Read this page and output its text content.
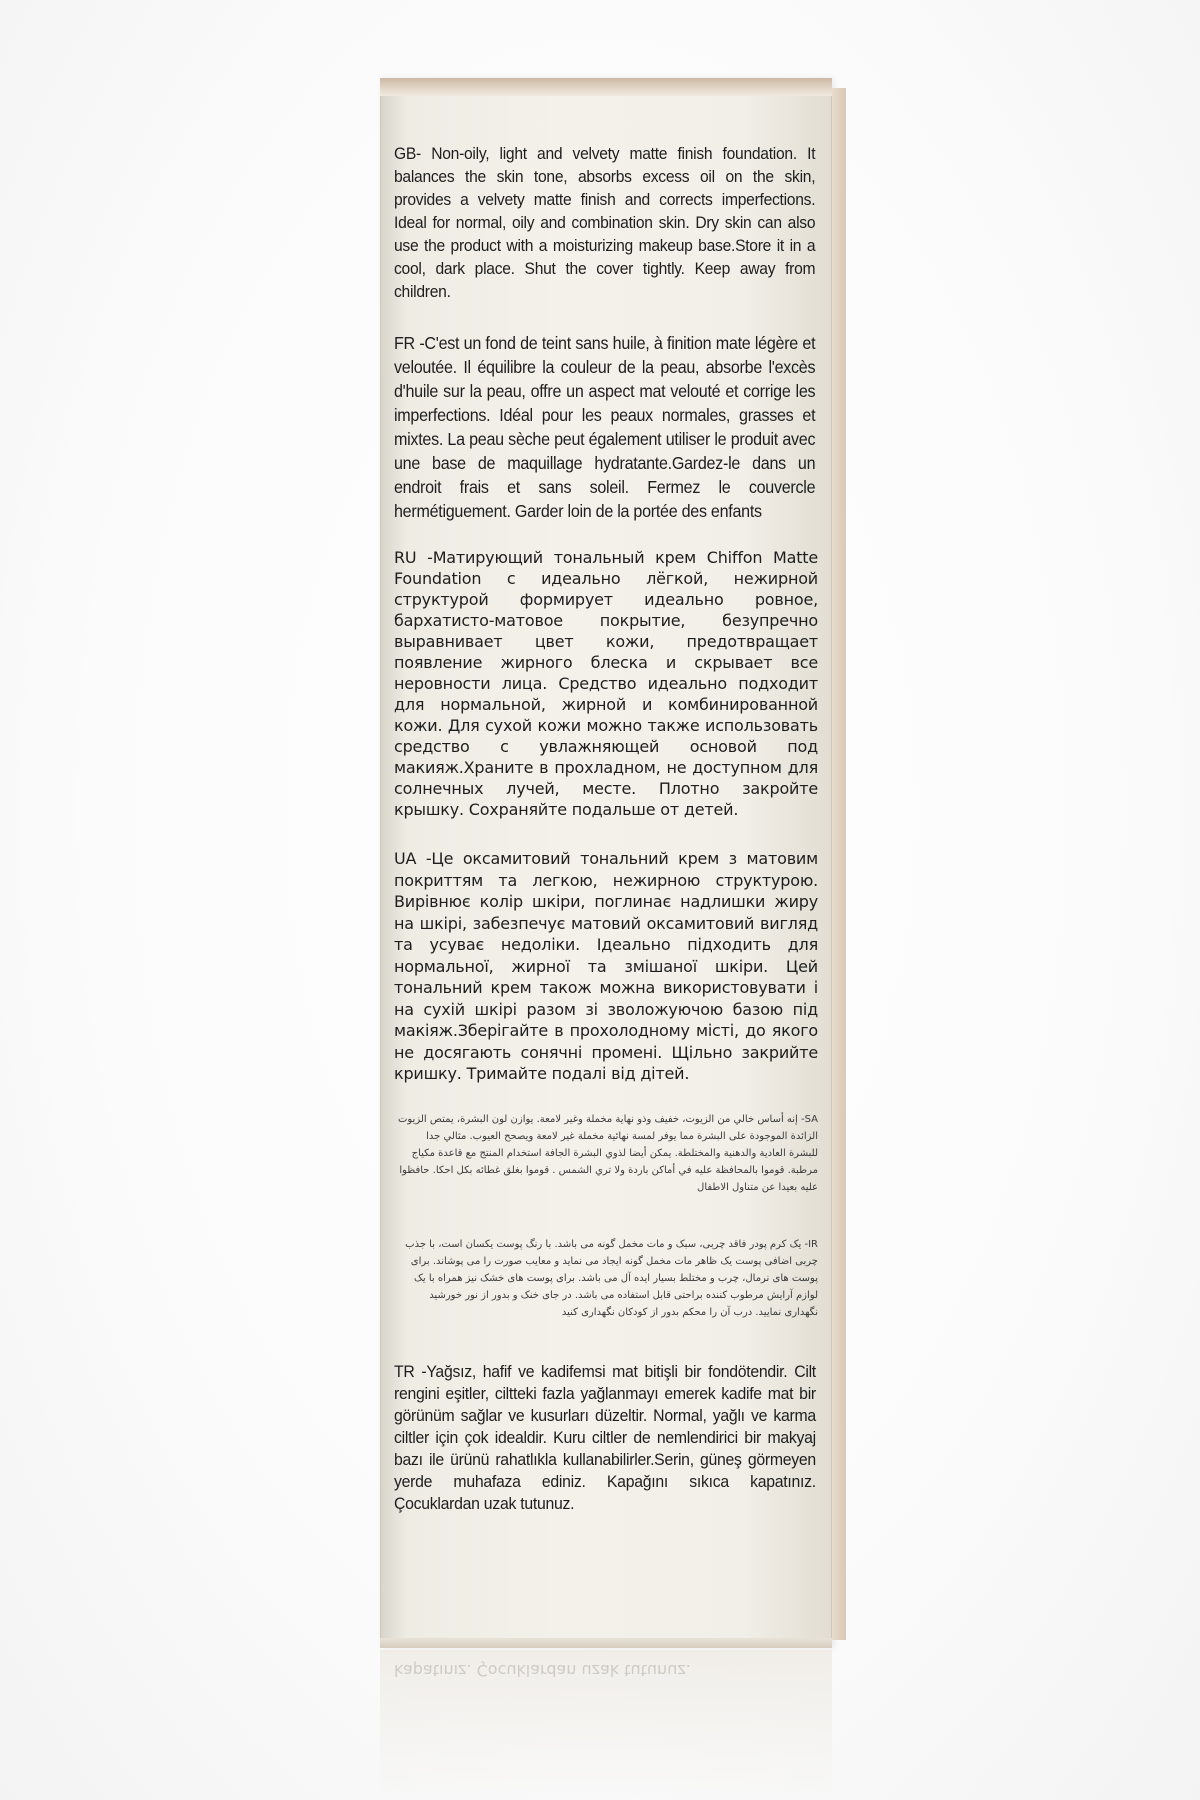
GB- Non-oily, light and velvety matte finish foundation. It balances the skin tone, absorbs excess oil on the skin, provides a velvety matte finish and corrects imperfections. Ideal for normal, oily and combination skin. Dry skin can also use the product with a moisturizing makeup base.Store it in a cool, dark place. Shut the cover tightly. Keep away from children.

FR -C'est un fond de teint sans huile, à finition mate légère et veloutée. Il équilibre la couleur de la peau, absorbe l'excès d'huile sur la peau, offre un aspect mat velouté et corrige les imperfections. Idéal pour les peaux normales, grasses et mixtes. La peau sèche peut également utiliser le produit avec une base de maquillage hydratante.Gardez-le dans un endroit frais et sans soleil. Fermez le couvercle hermétiguement. Garder loin de la portée des enfants

RU -Матирующий тональный крем Chiffon Matte Foundation с идеально лёгкой, нежирной структурой формирует идеально ровное, бархатисто-матовое покрытие, безупречно выравнивает цвет кожи, предотвращает появление жирного блеска и скрывает все неровности лица. Средство идеально подходит для нормальной, жирной и комбинированной кожи. Для сухой кожи можно также использовать средство с увлажняющей основой под макияж.Храните в прохладном, не доступном для солнечных лучей, месте. Плотно закройте крышку. Сохраняйте подальше от детей.

UA -Це оксамитовий тональний крем з матовим покриттям та легкою, нежирною структурою. Вирівнює колір шкіри, поглинає надлишки жиру на шкірі, забезпечує матовий оксамитовий вигляд та усуває недоліки. Ідеально підходить для нормальної, жирної та змішаної шкіри. Цей тональний крем також можна використовувати і на сухій шкірі разом зі зволожуючою базою під макіяж.Зберігайте в прохолодному місті, до якого не досягають сонячні промені. Щільно закрийте кришку. Тримайте подалі від дітей.

SA- إنه أساس خالي من الزيوت، خفيف وذو نهاية مخملة وغير لامعة. يوازن لون البشرة، يمتص الزيوت الزائدة الموجودة على البشرة مما يوفر لمسة نهائية مخملة غير لامعة ويصحح العيوب. مثالي جدا للبشرة العادية والدهنية والمختلطة. يمكن أيضا لذوي البشرة الجافة استخدام المنتج مع قاعدة مكياج مرطبة. قوموا بالمحافظة عليه في أماكن باردة ولا تري الشمس . قوموا بغلق غطائه بكل احكا. حافظوا عليه بعيدا عن متناول الاطفال

IR- یک کرم پودر فاقد چربی، سبک و مات مخمل گونه می باشد. با رنگ پوست یکسان است، با جذب چربی اضافی پوست یک ظاهر مات مخمل گونه ایجاد می نماید و معایب صورت را می پوشاند. برای پوست های نرمال، چرب و مختلط بسیار ایده آل می باشد. برای پوست های خشک نیز همراه با یک لوازم آرایش مرطوب کننده براحتی قابل استفاده می باشد. در جای خنک و بدور از نور خورشید نگهداری نمایید. درب آن را محکم بدور از کودکان نگهداری کنید

TR -Yağsız, hafif ve kadifemsi mat bitişli bir fondötendir. Cilt rengini eşitler, ciltteki fazla yağlanmayı emerek kadife mat bir görünüm sağlar ve kusurları düzeltir. Normal, yağlı ve karma ciltler için çok idealdir. Kuru ciltler de nemlendirici bir makyaj bazı ile ürünü rahatlıkla kullanabilirler.Serin, güneş görmeyen yerde muhafaza ediniz. Kapağını sıkıca kapatınız. Çocuklardan uzak tutunuz.

kapatınız. Çocuklardan uzak tutunuz.
